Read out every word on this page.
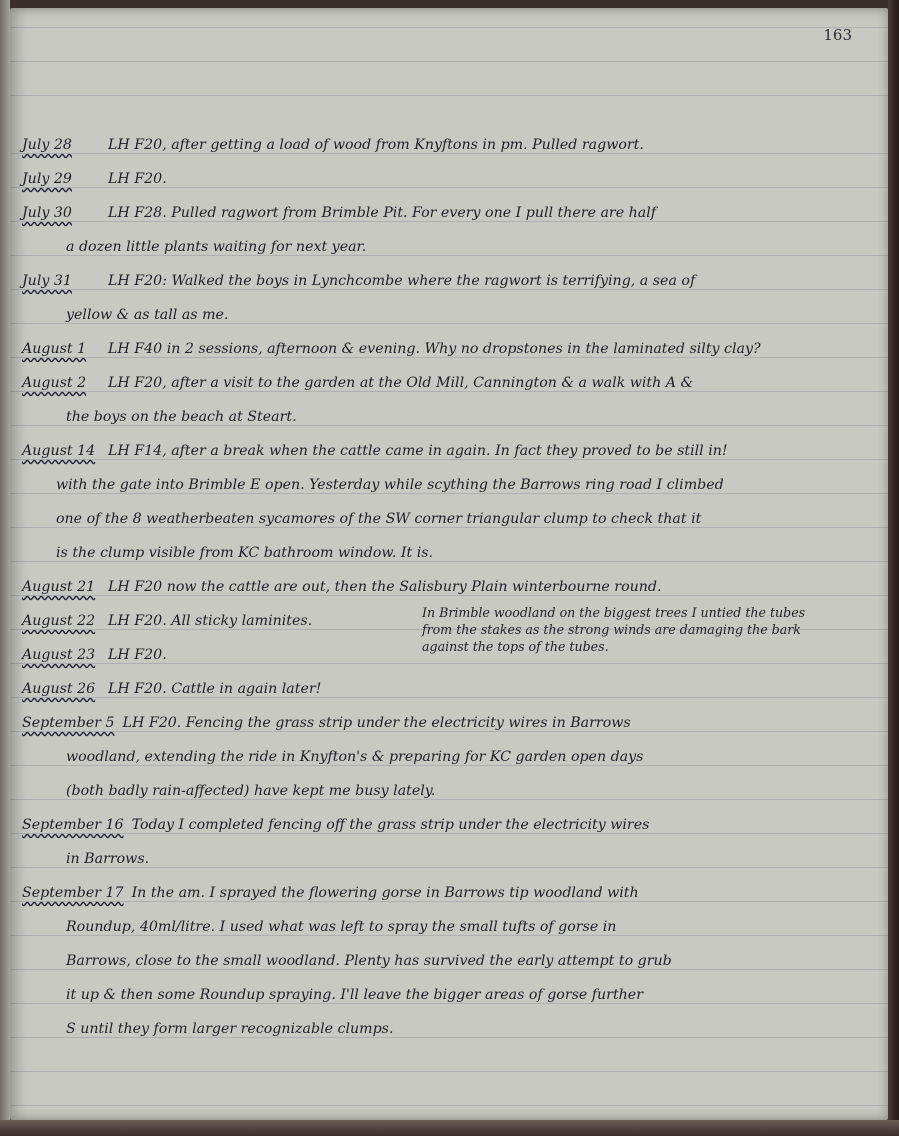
163
July 28	LH F20, after getting a load of wood from Knyftons in pm. Pulled ragwort.
July 29	LH F20.
July 30	LH F28. Pulled ragwort from Brimble Pit. For every one I pull there are half
a dozen little plants waiting for next year.
July 31	LH F20: Walked the boys in Lynchcombe where the ragwort is terrifying, a sea of
yellow & as tall as me.
August 1 LH F40 in 2 sessions, afternoon & evening. Why no dropstones in the laminated silty clay?
August 2 LH F20, after a visit to the garden at the Old Mill, Cannington & a walk with A &
the boys on the beach at Steart.
August 14 LH F14, after a break when the cattle came in again. In fact they proved to be still in!
with the gate into Brimble E open. Yesterday while scything the Barrows ring road I climbed
one of the 8 weatherbeaten sycamores of the SW corner triangular clump to check that it
is the clump visible from KC bathroom window. It is.
August 21 LH F20 now the cattle are out, then the Salisbury Plain winterbourne round.
August 22 LH F20. All sticky laminites.
In Brimble woodland on the biggest trees I untied the tubes
from the stakes as the strong winds are damaging the bark
against the tops of the tubes.
August 23 LH F20.
August 26 LH F20. Cattle in again later!
September 5 LH F20. Fencing the grass strip under the electricity wires in Barrows
woodland, extending the ride in Knyfton's & preparing for KC garden open days
(both badly rain-affected) have kept me busy lately.
September 16 Today I completed fencing off the grass strip under the electricity wires
in Barrows.
September 17 In the am. I sprayed the flowering gorse in Barrows tip woodland with
Roundup, 40ml/litre. I used what was left to spray the small tufts of gorse in
Barrows, close to the small woodland. Plenty has survived the early attempt to grub
it up & then some Roundup spraying. I'll leave the bigger areas of gorse further
S until they form larger recognizable clumps.
